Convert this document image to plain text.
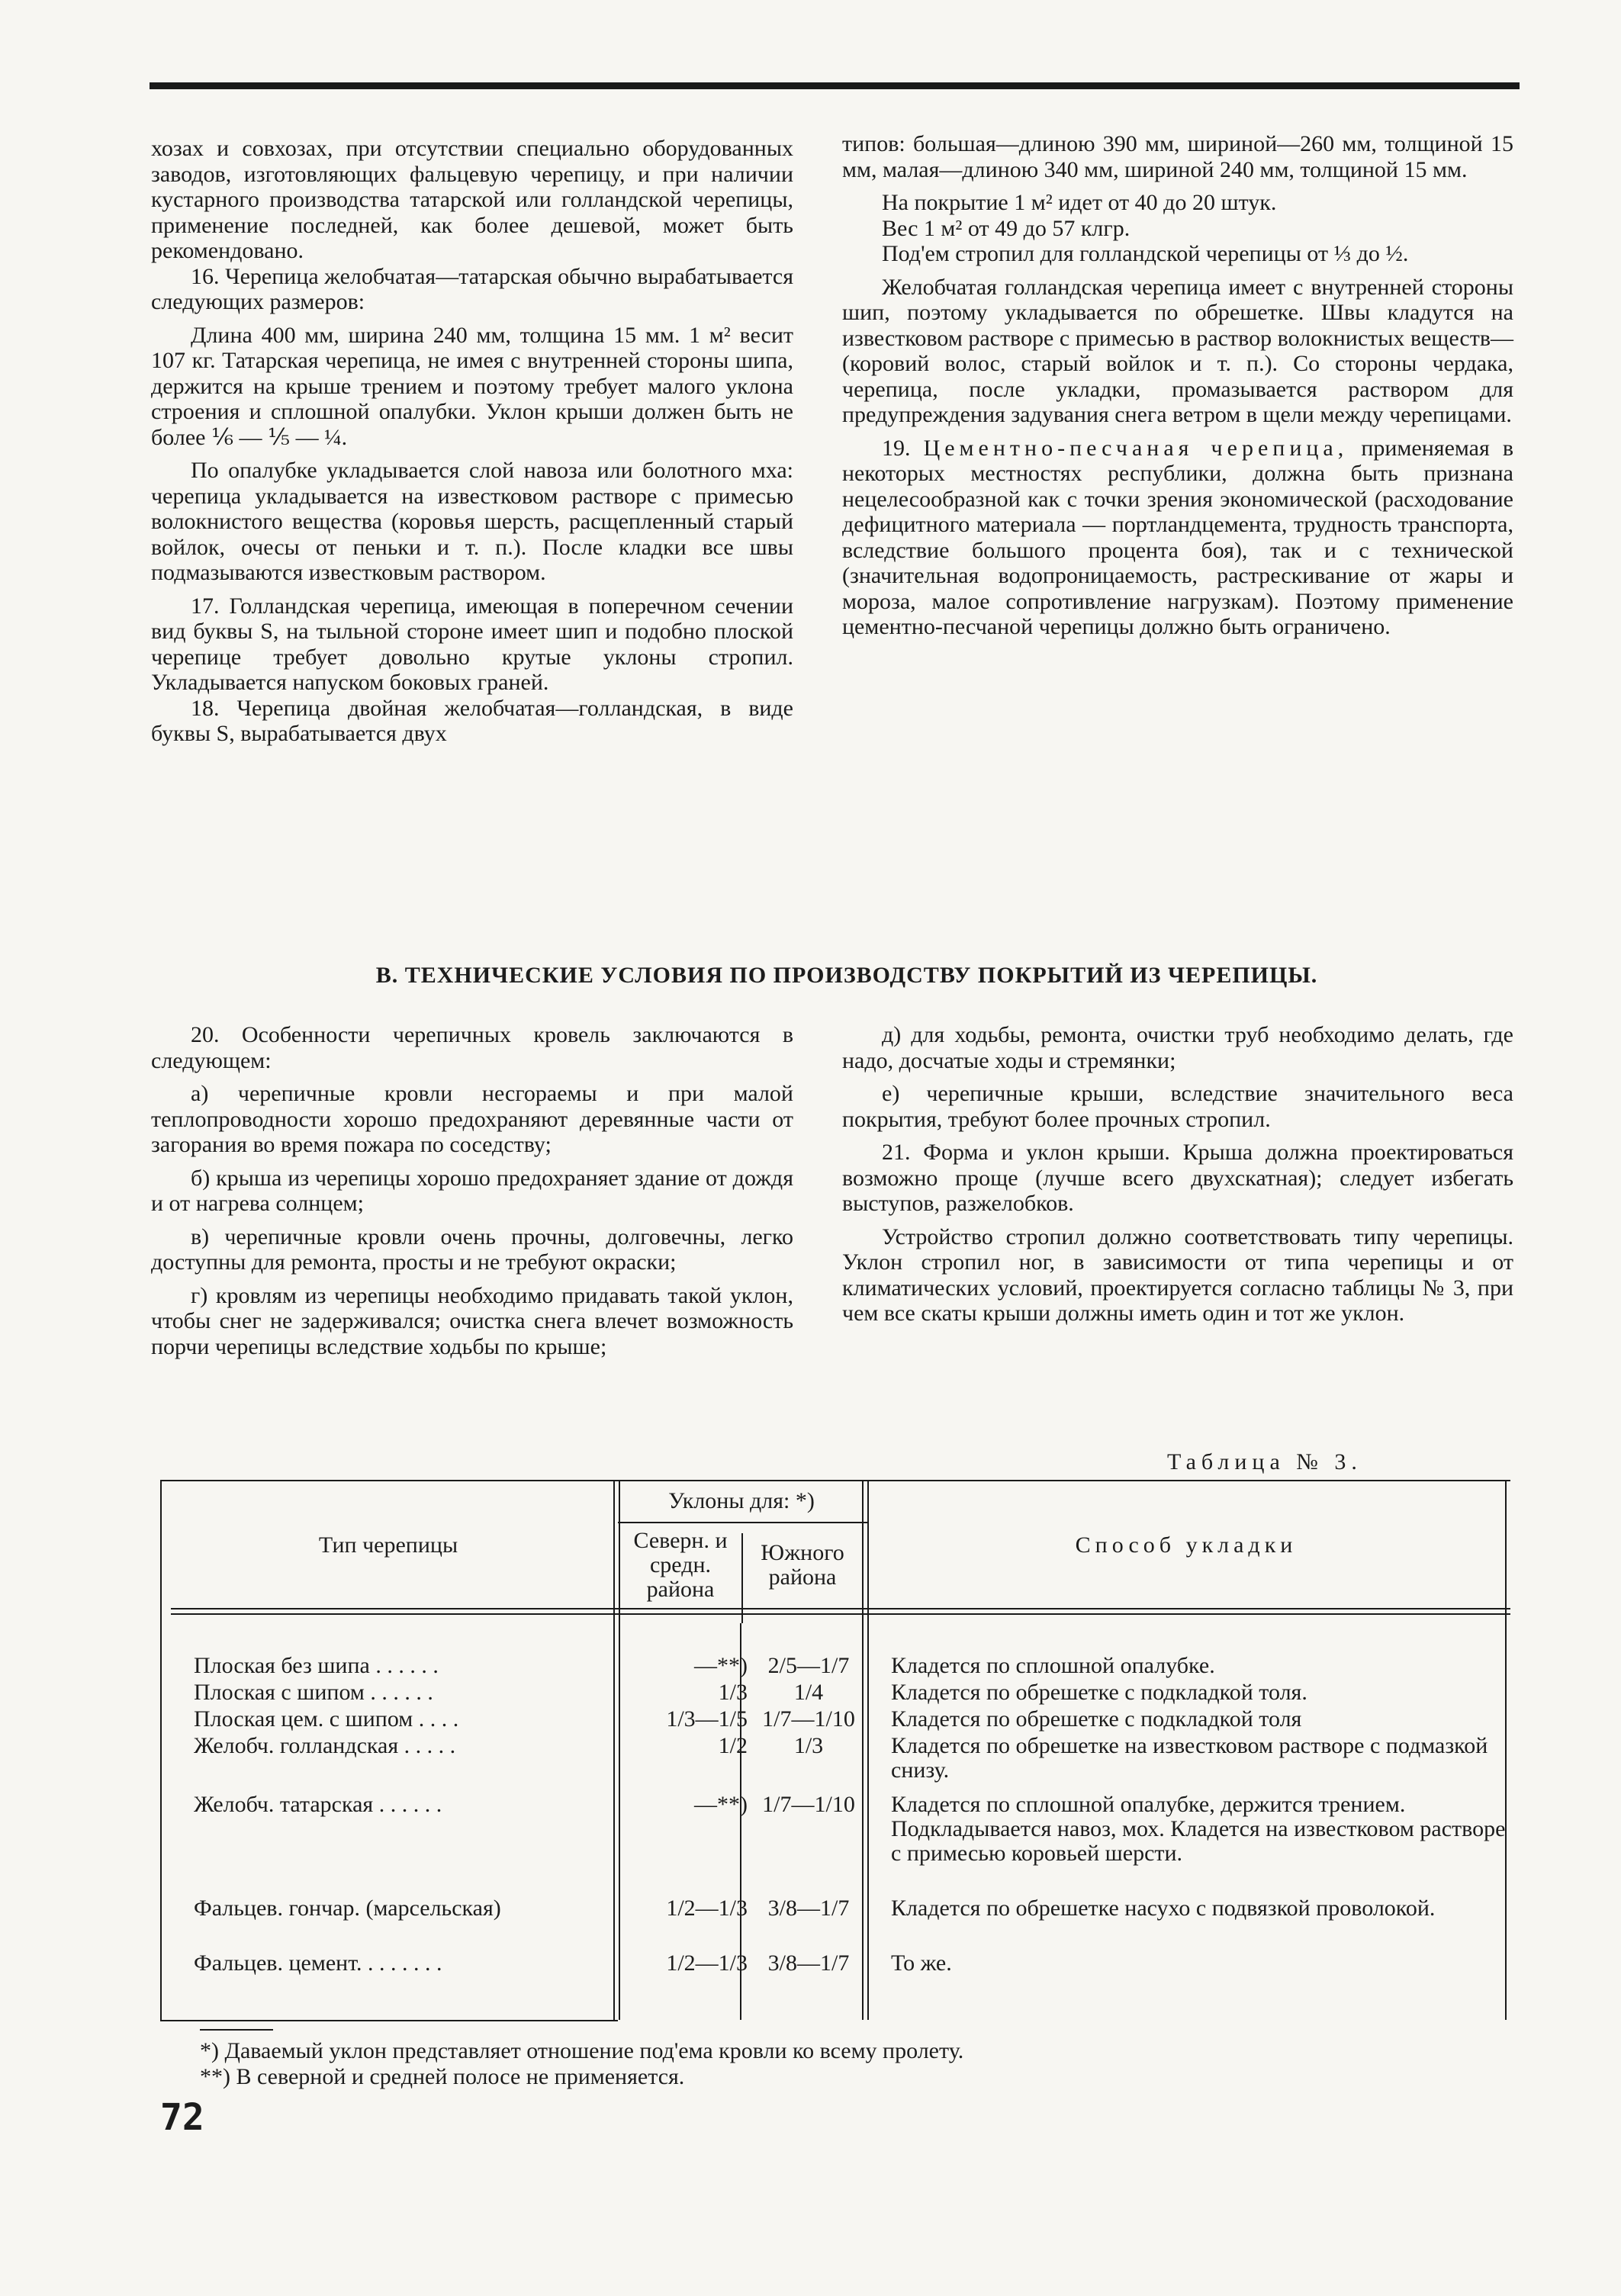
хозах и совхозах, при отсутствии специально оборудованных заводов, изготовляющих фальцевую черепицу, и при наличии кустарного производства татарской или голландской черепицы, применение последней, как более дешевой, может быть рекомендовано.

16. Черепица желобчатая—татарская обычно вырабатывается следующих размеров:

Длина 400 мм, ширина 240 мм, толщина 15 мм. 1 м² весит 107 кг. Татарская черепица, не имея с внутренней стороны шипа, держится на крыше трением и поэтому требует малого уклона строения и сплошной опалубки. Уклон крыши должен быть не более ⅙ — ⅕ — ¼.

По опалубке укладывается слой навоза или болотного мха: черепица укладывается на известковом растворе с примесью волокнистого вещества (коровья шерсть, расщепленный старый войлок, очесы от пеньки и т. п.). После кладки все швы подмазываются известковым раствором.

17. Голландская черепица, имеющая в поперечном сечении вид буквы S, на тыльной стороне имеет шип и подобно плоской черепице требует довольно крутые уклоны стропил. Укладывается напуском боковых граней.

18. Черепица двойная желобчатая—голландская, в виде буквы S, вырабатывается двух

типов: большая—длиною 390 мм, шириной—260 мм, толщиной 15 мм, малая—длиною 340 мм, шириной 240 мм, толщиной 15 мм.

На покрытие 1 м² идет от 40 до 20 штук.

Вес 1 м² от 49 до 57 клгр.

Под'ем стропил для голландской черепицы от ⅓ до ½.

Желобчатая голландская черепица имеет с внутренней стороны шип, поэтому укладывается по обрешетке. Швы кладутся на известковом растворе с примесью в раствор волокнистых веществ—(коровий волос, старый войлок и т. п.). Со стороны чердака, черепица, после укладки, промазывается раствором для предупреждения задувания снега ветром в щели между черепицами.

19. Цементно-песчаная черепица, применяемая в некоторых местностях республики, должна быть признана нецелесообразной как с точки зрения экономической (расходование дефицитного материала — портландцемента, трудность транспорта, вследствие большого процента боя), так и с технической (значительная водопроницаемость, растрескивание от жары и мороза, малое сопротивление нагрузкам). Поэтому применение цементно-песчаной черепицы должно быть ограничено.

В. ТЕХНИЧЕСКИЕ УСЛОВИЯ ПО ПРОИЗВОДСТВУ ПОКРЫТИЙ ИЗ ЧЕРЕПИЦЫ.

20. Особенности черепичных кровель заключаются в следующем:

а) черепичные кровли несгораемы и при малой теплопроводности хорошо предохраняют деревянные части от загорания во время пожара по соседству;

б) крыша из черепицы хорошо предохраняет здание от дождя и от нагрева солнцем;

в) черепичные кровли очень прочны, долговечны, легко доступны для ремонта, просты и не требуют окраски;

г) кровлям из черепицы необходимо придавать такой уклон, чтобы снег не задерживался; очистка снега влечет возможность порчи черепицы вследствие ходьбы по крыше;

д) для ходьбы, ремонта, очистки труб необходимо делать, где надо, досчатые ходы и стремянки;

е) черепичные крыши, вследствие значительного веса покрытия, требуют более прочных стропил.

21. Форма и уклон крыши. Крыша должна проектироваться возможно проще (лучше всего двухскатная); следует избегать выступов, разжелобков.

Устройство стропил должно соответствовать типу черепицы. Уклон стропил ног, в зависимости от типа черепицы и от климатических условий, проектируется согласно таблицы № 3, при чем все скаты крыши должны иметь один и тот же уклон.

Таблица № 3.
Тип черепицы
Уклоны для: *)
Северн. и средн. района
Южного района
Способ укладки
Плоская без шипа . . . . . .	—**) 2/5—1/7	Кладется по сплошной опалубке.
Плоская с шипом . . . . . .	1/3	1/4	Кладется по обрешетке с подкладкой толя.
Плоская цем. с шипом . . . .	1/3—1/5 1/7—1/10	Кладется по обрешетке с подкладкой толя
Желобч. голландская . . . . .	1/2	1/3	Кладется по обрешетке на известковом растворе с подмазкой снизу.
Желобч. татарская . . . . . .	—**) 1/7—1/10	Кладется по сплошной опалубке, держится трением. Подкладывается навоз, мох. Кладется на известковом растворе с примесью коровьей шерсти.
Фальцев. гончар. (марсельская)	1/2—1/3 3/8—1/7	Кладется по обрешетке насухо с подвязкой проволокой.
Фальцев. цемент. . . . . . . .	1/2—1/3 3/8—1/7	То же.

*) Даваемый уклон представляет отношение под'ема кровли ко всему пролету.

**) В северной и средней полосе не применяется.

72
